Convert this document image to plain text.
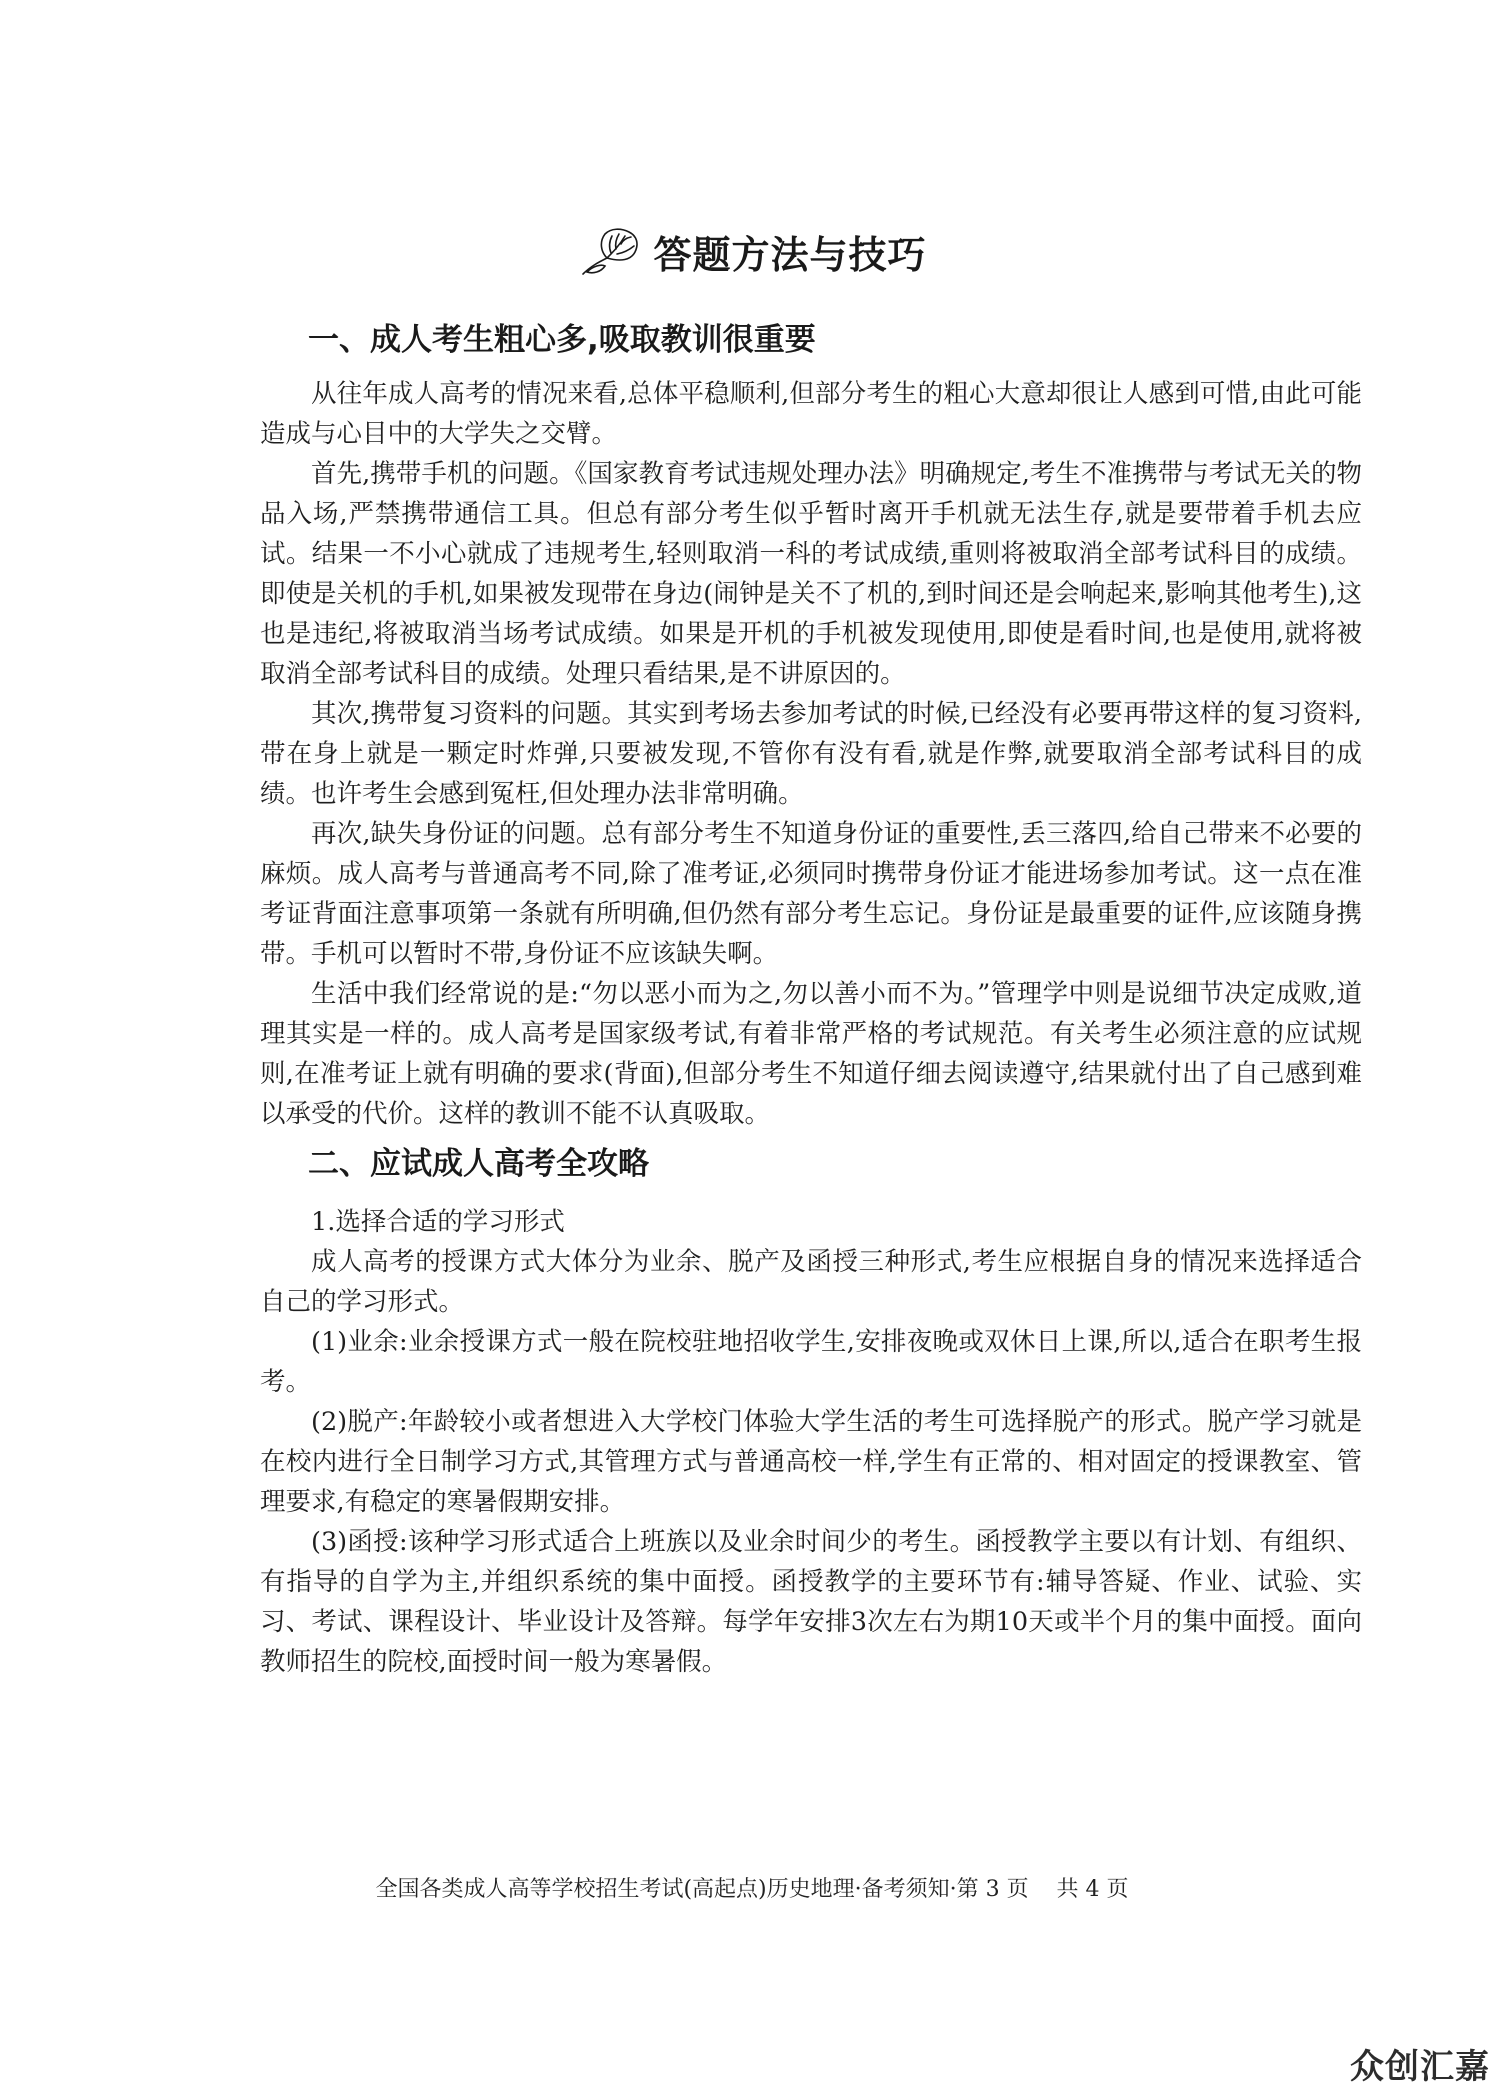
答题方法与技巧
一、成人考生粗心多,吸取教训很重要

从往年成人高考的情况来看,总体平稳顺利,但部分考生的粗心大意却很让人感到可惜,由此可能造成与心目中的大学失之交臂。

首先,携带手机的问题。《国家教育考试违规处理办法》明确规定,考生不准携带与考试无关的物品入场,严禁携带通信工具。但总有部分考生似乎暂时离开手机就无法生存,就是要带着手机去应试。结果一不小心就成了违规考生,轻则取消一科的考试成绩,重则将被取消全部考试科目的成绩。即使是关机的手机,如果被发现带在身边(闹钟是关不了机的,到时间还是会响起来,影响其他考生),这也是违纪,将被取消当场考试成绩。如果是开机的手机被发现使用,即使是看时间,也是使用,就将被取消全部考试科目的成绩。处理只看结果,是不讲原因的。

其次,携带复习资料的问题。其实到考场去参加考试的时候,已经没有必要再带这样的复习资料,带在身上就是一颗定时炸弹,只要被发现,不管你有没有看,就是作弊,就要取消全部考试科目的成绩。也许考生会感到冤枉,但处理办法非常明确。

再次,缺失身份证的问题。总有部分考生不知道身份证的重要性,丢三落四,给自己带来不必要的麻烦。成人高考与普通高考不同,除了准考证,必须同时携带身份证才能进场参加考试。这一点在准考证背面注意事项第一条就有所明确,但仍然有部分考生忘记。身份证是最重要的证件,应该随身携带。手机可以暂时不带,身份证不应该缺失啊。

生活中我们经常说的是:“勿以恶小而为之,勿以善小而不为。”管理学中则是说细节决定成败,道理其实是一样的。成人高考是国家级考试,有着非常严格的考试规范。有关考生必须注意的应试规则,在准考证上就有明确的要求(背面),但部分考生不知道仔细去阅读遵守,结果就付出了自己感到难以承受的代价。这样的教训不能不认真吸取。

二、应试成人高考全攻略

1.选择合适的学习形式

成人高考的授课方式大体分为业余、脱产及函授三种形式,考生应根据自身的情况来选择适合自己的学习形式。

(1)业余:业余授课方式一般在院校驻地招收学生,安排夜晚或双休日上课,所以,适合在职考生报考。

(2)脱产:年龄较小或者想进入大学校门体验大学生活的考生可选择脱产的形式。脱产学习就是在校内进行全日制学习方式,其管理方式与普通高校一样,学生有正常的、相对固定的授课教室、管理要求,有稳定的寒暑假期安排。

(3)函授:该种学习形式适合上班族以及业余时间少的考生。函授教学主要以有计划、有组织、有指导的自学为主,并组织系统的集中面授。函授教学的主要环节有:辅导答疑、作业、试验、实习、考试、课程设计、毕业设计及答辩。每学年安排3次左右为期10天或半个月的集中面授。面向教师招生的院校,面授时间一般为寒暑假。

全国各类成人高等学校招生考试(高起点)历史地理·备考须知·第 3 页    共 4 页
众创汇嘉
